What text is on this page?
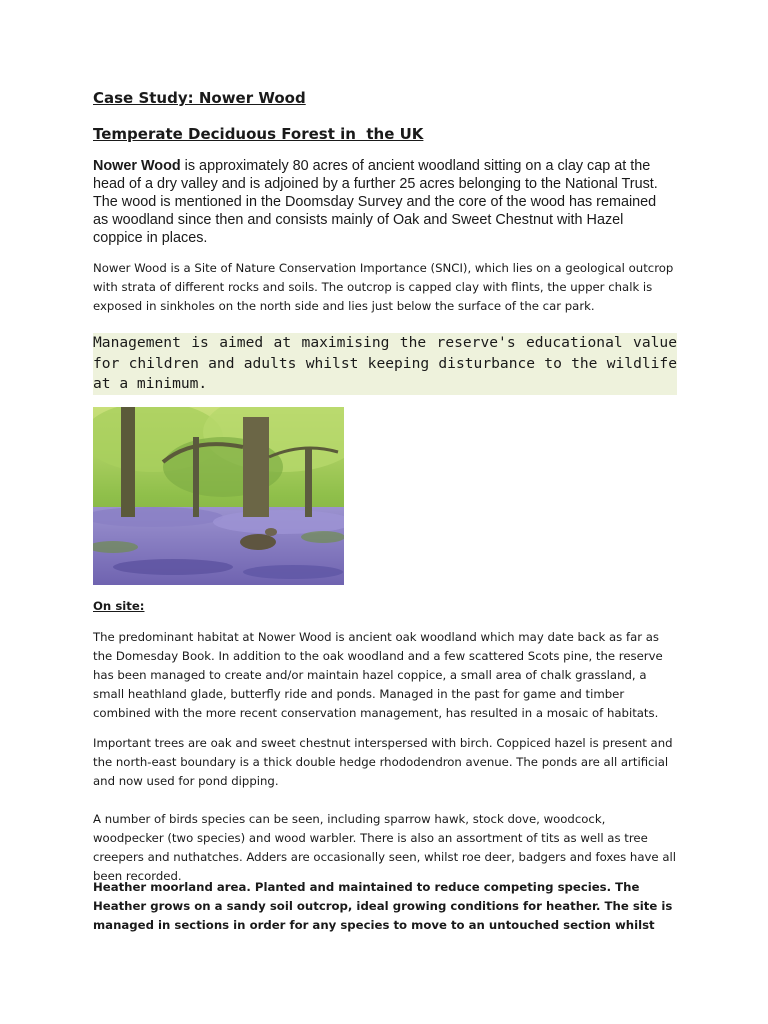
Case Study: Nower Wood
Temperate Deciduous Forest in  the UK

Nower Wood is approximately 80 acres of ancient woodland sitting on a clay cap at the head of a dry valley and is adjoined by a further 25 acres belonging to the National Trust. The wood is mentioned in the Doomsday Survey and the core of the wood has remained as woodland since then and consists mainly of Oak and Sweet Chestnut with Hazel coppice in places.

Nower Wood is a Site of Nature Conservation Importance (SNCI), which lies on a geological outcrop with strata of different rocks and soils. The outcrop is capped clay with flints, the upper chalk is exposed in sinkholes on the north side and lies just below the surface of the car park.

Management is aimed at maximising the reserve's educational value for children and adults whilst keeping disturbance to the wildlife at a minimum.

On site:

The predominant habitat at Nower Wood is ancient oak woodland which may date back as far as the Domesday Book. In addition to the oak woodland and a few scattered Scots pine, the reserve has been managed to create and/or maintain hazel coppice, a small area of chalk grassland, a small heathland glade, butterfly ride and ponds. Managed in the past for game and timber combined with the more recent conservation management, has resulted in a mosaic of habitats.

Important trees are oak and sweet chestnut interspersed with birch. Coppiced hazel is present and the north-east boundary is a thick double hedge rhododendron avenue. The ponds are all artificial and now used for pond dipping.

A number of birds species can be seen, including sparrow hawk, stock dove, woodcock, woodpecker (two species) and wood warbler. There is also an assortment of tits as well as tree creepers and nuthatches. Adders are occasionally seen, whilst roe deer, badgers and foxes have all been recorded.

Heather moorland area. Planted and maintained to reduce competing species. The Heather grows on a sandy soil outcrop, ideal growing conditions for heather. The site is managed in sections in order for any species to move to an untouched section whilst
